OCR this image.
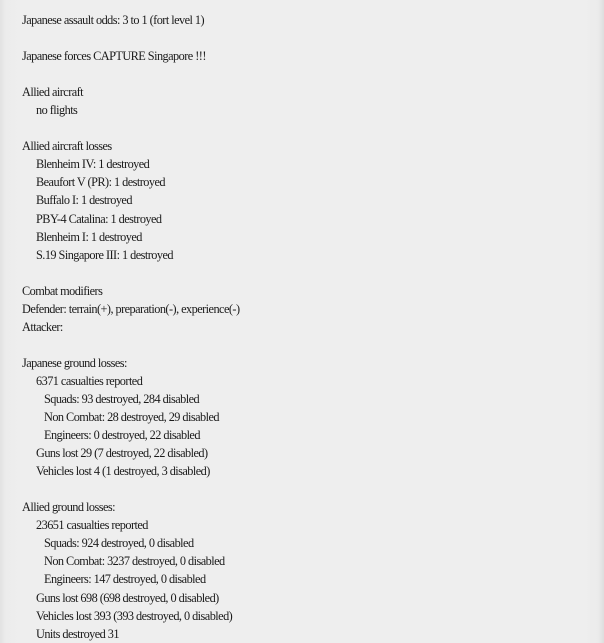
Japanese assault odds: 3 to 1 (fort level 1)
Japanese forces CAPTURE Singapore !!!
Allied aircraft
no flights
Allied aircraft losses
Blenheim IV: 1 destroyed
Beaufort V (PR): 1 destroyed
Buffalo I: 1 destroyed
PBY-4 Catalina: 1 destroyed
Blenheim I: 1 destroyed
S.19 Singapore III: 1 destroyed
Combat modifiers
Defender: terrain(+), preparation(-), experience(-)
Attacker:
Japanese ground losses:
6371 casualties reported
Squads: 93 destroyed, 284 disabled
Non Combat: 28 destroyed, 29 disabled
Engineers: 0 destroyed, 22 disabled
Guns lost 29 (7 destroyed, 22 disabled)
Vehicles lost 4 (1 destroyed, 3 disabled)
Allied ground losses:
23651 casualties reported
Squads: 924 destroyed, 0 disabled
Non Combat: 3237 destroyed, 0 disabled
Engineers: 147 destroyed, 0 disabled
Guns lost 698 (698 destroyed, 0 disabled)
Vehicles lost 393 (393 destroyed, 0 disabled)
Units destroyed 31
